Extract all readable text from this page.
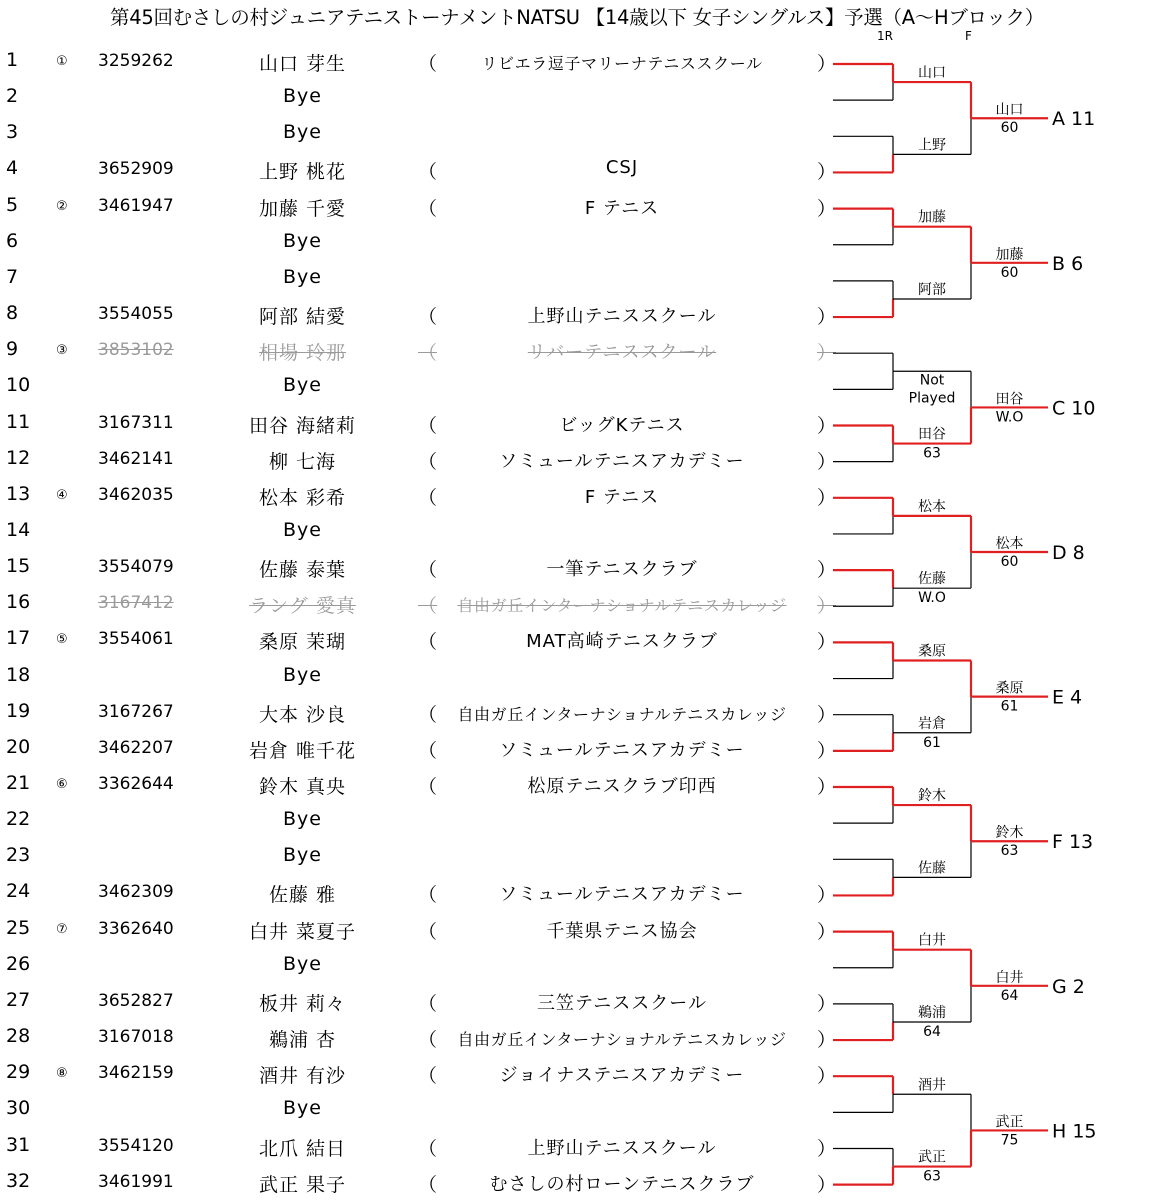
第45回むさしの村ジュニアテニストーナメントNATSU 【14歳以下 女子シングルス】予選（A～Hブロック）
1R	F
1	① 3259262	山口 芽生	（	リビエラ逗子マリーナテニススクール	）
2	Bye
3	Bye
4	3652909	上野 桃花	（	CSJ	）
5	② 3461947	加藤 千愛	（	F テニス	）
6	Bye
7	Bye
8	3554055	阿部 結愛	（	上野山テニススクール	）
9	③ 3853102	相場 玲那	（	リバーテニススクール	）
10	Bye
11	3167311	田谷 海緒莉	（	ビッグKテニス	）
12	3462141	柳 七海	（	ソミュールテニスアカデミー	）
13 ④ 3462035	松本 彩希	（	F テニス	）
14	Bye
15	3554079	佐藤 泰葉	（	一筆テニスクラブ	）
16	3167412	ラング 愛真	（	自由ガ丘インターナショナルテニスカレッジ	）
17 ⑤ 3554061	桑原 茉瑚	（	MAT高崎テニスクラブ	）
18	Bye
19	3167267	大本 沙良	（	自由ガ丘インターナショナルテニスカレッジ	）
20	3462207	岩倉 唯千花	（	ソミュールテニスアカデミー	）
21 ⑥ 3362644	鈴木 真央	（	松原テニスクラブ印西	）
22	Bye
23	Bye
24	3462309	佐藤 雅	（	ソミュールテニスアカデミー	）
25 ⑦ 3362640	白井 菜夏子	（	千葉県テニス協会	）
26	Bye
27	3652827	板井 莉々	（	三笠テニススクール	）
28	3167018	鵜浦 杏	（	自由ガ丘インターナショナルテニスカレッジ	）
29 ⑧ 3462159	酒井 有沙	（	ジョイナステニスアカデミー	）
30	Bye
31	3554120	北爪 結日	（	上野山テニススクール	）
32	3461991	武正 果子	（	むさしの村ローンテニスクラブ	）
山口
上野
山口
60 A 11
加藤
阿部
加藤
60 B 6
Not
Played
田谷
63
田谷
W.O C 10
松本
佐藤
W.O
松本
60 D 8
桑原
岩倉
61
桑原
61 E 4
鈴木
佐藤
鈴木
63 F 13
白井
鵜浦
64
白井
64 G 2
酒井
武正
63
武正
75 H 15
